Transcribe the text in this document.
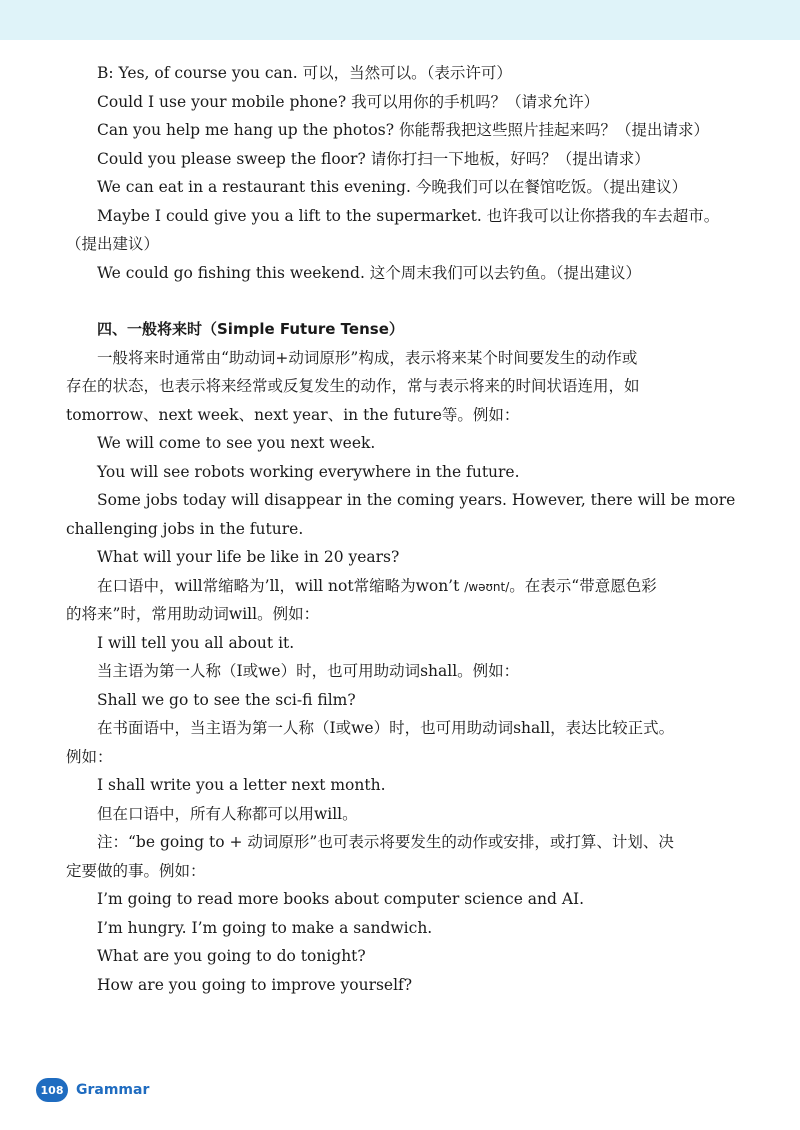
B: Yes, of course you can. 可以，当然可以。（表示许可）

Could I use your mobile phone? 我可以用你的手机吗？（请求允许）

Can you help me hang up the photos? 你能帮我把这些照片挂起来吗？（提出请求）

Could you please sweep the floor? 请你打扫一下地板，好吗？（提出请求）

We can eat in a restaurant this evening. 今晚我们可以在餐馆吃饭。（提出建议）

Maybe I could give you a lift to the supermarket. 也许我可以让你搭我的车去超市。

（提出建议）

We could go fishing this weekend. 这个周末我们可以去钓鱼。（提出建议）

四、一般将来时（Simple Future Tense）

一般将来时通常由“助动词+动词原形”构成，表示将来某个时间要发生的动作或

存在的状态，也表示将来经常或反复发生的动作，常与表示将来的时间状语连用，如

tomorrow、next week、next year、in the future等。例如：

We will come to see you next week.

You will see robots working everywhere in the future.

Some jobs today will disappear in the coming years. However, there will be more

challenging jobs in the future.

What will your life be like in 20 years?

在口语中，will常缩略为’ll，will not常缩略为won’t /wəʊnt/。在表示“带意愿色彩

的将来”时，常用助动词will。例如：

I will tell you all about it.

当主语为第一人称（I或we）时，也可用助动词shall。例如：

Shall we go to see the sci-fi film?

在书面语中，当主语为第一人称（I或we）时，也可用助动词shall，表达比较正式。

例如：

I shall write you a letter next month.

但在口语中，所有人称都可以用will。

注：“be going to + 动词原形”也可表示将要发生的动作或安排，或打算、计划、决

定要做的事。例如：

I’m going to read more books about computer science and AI.

I’m hungry. I’m going to make a sandwich.

What are you going to do tonight?

How are you going to improve yourself?

108 Grammar
